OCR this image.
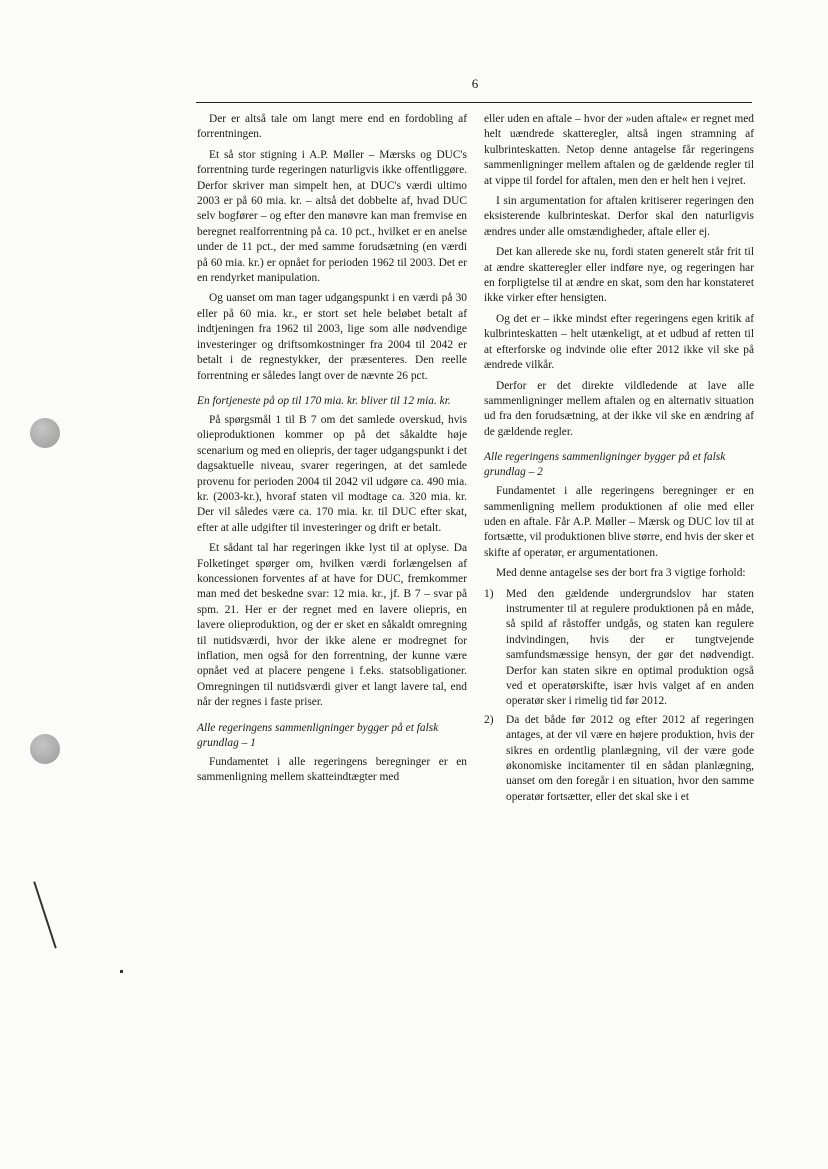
6

Der er altså tale om langt mere end en fordobling af forrentningen.

Et så stor stigning i A.P. Møller – Mærsks og DUC's forrentning turde regeringen naturligvis ikke offentliggøre. Derfor skriver man simpelt hen, at DUC's værdi ultimo 2003 er på 60 mia. kr. – altså det dobbelte af, hvad DUC selv bogfører – og efter den manøvre kan man fremvise en beregnet realforrentning på ca. 10 pct., hvilket er en anelse under de 11 pct., der med samme forudsætning (en værdi på 60 mia. kr.) er opnået for perioden 1962 til 2003. Det er en rendyrket manipulation.

Og uanset om man tager udgangspunkt i en værdi på 30 eller på 60 mia. kr., er stort set hele beløbet betalt af indtjeningen fra 1962 til 2003, lige som alle nødvendige investeringer og driftsomkostninger fra 2004 til 2042 er betalt i de regnestykker, der præsenteres. Den reelle forrentning er således langt over de nævnte 26 pct.

En fortjeneste på op til 170 mia. kr. bliver til 12 mia. kr.

På spørgsmål 1 til B 7 om det samlede overskud, hvis olieproduktionen kommer op på det såkaldte høje scenarium og med en oliepris, der tager udgangspunkt i det dagsaktuelle niveau, svarer regeringen, at det samlede provenu for perioden 2004 til 2042 vil udgøre ca. 490 mia. kr. (2003-kr.), hvoraf staten vil modtage ca. 320 mia. kr. Der vil således være ca. 170 mia. kr. til DUC efter skat, efter at alle udgifter til investeringer og drift er betalt.

Et sådant tal har regeringen ikke lyst til at oplyse. Da Folketinget spørger om, hvilken værdi forlængelsen af koncessionen forventes af at have for DUC, fremkommer man med det beskedne svar: 12 mia. kr., jf. B 7 – svar på spm. 21. Her er der regnet med en lavere oliepris, en lavere olieproduktion, og der er sket en såkaldt omregning til nutidsværdi, hvor der ikke alene er modregnet for inflation, men også for den forrentning, der kunne være opnået ved at placere pengene i f.eks. statsobligationer. Omregningen til nutidsværdi giver et langt lavere tal, end når der regnes i faste priser.

Alle regeringens sammenligninger bygger på et falsk grundlag – 1

Fundamentet i alle regeringens beregninger er en sammenligning mellem skatteindtægter med

eller uden en aftale – hvor der »uden aftale« er regnet med helt uændrede skatteregler, altså ingen stramning af kulbrinteskatten. Netop denne antagelse får regeringens sammenligninger mellem aftalen og de gældende regler til at vippe til fordel for aftalen, men den er helt hen i vejret.

I sin argumentation for aftalen kritiserer regeringen den eksisterende kulbrinteskat. Derfor skal den naturligvis ændres under alle omstændigheder, aftale eller ej.

Det kan allerede ske nu, fordi staten generelt står frit til at ændre skatteregler eller indføre nye, og regeringen har en forpligtelse til at ændre en skat, som den har konstateret ikke virker efter hensigten.

Og det er – ikke mindst efter regeringens egen kritik af kulbrinteskatten – helt utænkeligt, at et udbud af retten til at efterforske og indvinde olie efter 2012 ikke vil ske på ændrede vilkår.

Derfor er det direkte vildledende at lave alle sammenligninger mellem aftalen og en alternativ situation ud fra den forudsætning, at der ikke vil ske en ændring af de gældende regler.

Alle regeringens sammenligninger bygger på et falsk grundlag – 2

Fundamentet i alle regeringens beregninger er en sammenligning mellem produktionen af olie med eller uden en aftale. Får A.P. Møller – Mærsk og DUC lov til at fortsætte, vil produktionen blive større, end hvis der sker et skifte af operatør, er argumentationen.

Med denne antagelse ses der bort fra 3 vigtige forhold:

1) Med den gældende undergrundslov har staten instrumenter til at regulere produktionen på en måde, så spild af råstoffer undgås, og staten kan regulere indvindingen, hvis der er tungtvejende samfundsmæssige hensyn, der gør det nødvendigt. Derfor kan staten sikre en optimal produktion også ved et operatørskifte, især hvis valget af en anden operatør sker i rimelig tid før 2012.
2) Da det både før 2012 og efter 2012 af regeringen antages, at der vil være en højere produktion, hvis der sikres en ordentlig planlægning, vil der være gode økonomiske incitamenter til en sådan planlægning, uanset om den foregår i en situation, hvor den samme operatør fortsætter, eller det skal ske i et
